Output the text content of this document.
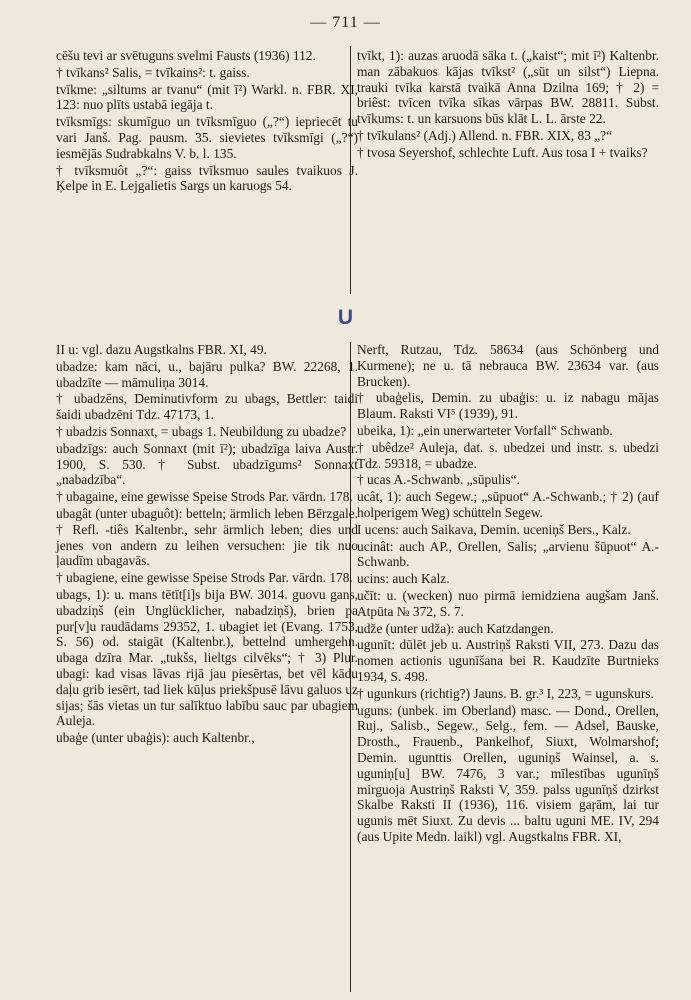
— 711 —

cēšu tevi ar svētuguns svelmi Fausts (1936) 112.

† tvīkans² Salis, = tvīkains²: t. gaiss.

tvīkme: „siltums ar tvanu“ (mit ī²) Warkl. n. FBR. XI, 123: nuo plīts ustabā iegāja t.

tvīksmīgs: skumīguo un tvīksmīguo („?“) iepriecēt tu vari Janš. Pag. pausm. 35. sievietes tvīksmīgi („?“) iesmējās Sudrabkalns V. b. l. 135.

† tvīksmuôt „?“: gaiss tvīksmuo saules tvaikuos J. Ķelpe in E. Lejgalietis Sargs un karuogs 54.

tvīkt, 1): auzas aruodā sāka t. („kaist“; mit ī²) Kaltenbr. man zābakuos kājas tvīkst² („sūt un silst“) Liepna. trauki tvīka karstā tvaikā Anna Dzilna 169; † 2) = briêst: tvīcen tvīka sīkas vārpas BW. 28811. Subst. tvīkums: t. un karsuons būs klāt L. L. ārste 22.

† tvīkulans² (Adj.) Allend. n. FBR. XIX, 83 „?“

† tvosa Seyershof, schlechte Luft. Aus tosa I + tvaiks?

U

II u: vgl. dazu Augstkalns FBR. XI, 49.

ubadze: kam nāci, u., bajāru pulka? BW. 22268, 1. ubadzīte — māmuliņa 3014.

† ubadzēns, Deminutivform zu ubags, Bettler: taidi šaidi ubadzēni Tdz. 47173, 1.

† ubadzis Sonnaxt, = ubags 1. Neubildung zu ubadze?

ubadzīgs: auch Sonnaxt (mit ī²); ubadzīga laiva Austr. 1900, S. 530. † Subst. ubadzīgums² Sonnaxt „nabadzība“.

† ubagaine, eine gewisse Speise Strods Par. vārdn. 178.

ubagât (unter ubaguôt): betteln; ärmlich leben Bērzgale. † Refl. -tiês Kaltenbr., sehr ärmlich leben; dies und jenes von andern zu leihen versuchen: jie tik nuo ļaudīm ubagavās.

† ubagiene, eine gewisse Speise Strods Par. vārdn. 178.

ubags, 1): u. mans tētīt[i]s bija BW. 3014. guovu gans, ubadziņš (ein Unglücklicher, nabadziņš), brien pa pur[v]u raudādams 29352, 1. ubagiet iet (Evang. 1753, S. 56) od. staigāt (Kaltenbr.), bettelnd umhergehn. ubaga dzīra Mar. „tukšs, lieltgs cilvēks“; † 3) Plur. ubagi: kad visas lāvas rijā jau piesērtas, bet vēl kādu daļu grib iesērt, tad liek kūļus priekšpusē lāvu galuos uz sijas; šās vietas un tur salīktuo labību sauc par ubagiem Auleja.

ubaģe (unter ubaģis): auch Kaltenbr.,

Nerft, Rutzau, Tdz. 58634 (aus Schönberg und Kurmene); ne u. tā nebrauca BW. 23634 var. (aus Brucken).

† ubaģelis, Demin. zu ubaģis: u. iz nabagu mājas Blaum. Raksti VI⁵ (1939), 91.

ubeika, 1): „ein unerwarteter Vorfall“ Schwanb.

† ubêdze² Auleja, dat. s. ubedzei und instr. s. ubedzi Tdz. 59318, = ubadze.

† ucas A.-Schwanb. „sūpulis“.

ucât, 1): auch Segew.; „sūpuot“ A.-Schwanb.; † 2) (auf holperigem Weg) schütteln Segew.

I ucens: auch Saikava, Demin. uceniņš Bers., Kalz.

ucinât: auch AP., Orellen, Salis; „arvienu šūpuot“ A.-Schwanb.

ucins: auch Kalz.

učīt: u. (wecken) nuo pirmā iemidziena augšam Janš. Atpūta № 372, S. 7.

udže (unter udža): auch Katzdangen.

ugunīt: dūlēt jeb u. Austriņš Raksti VII, 273. Dazu das nomen actionis ugunīšana bei R. Kaudzīte Burtnieks 1934, S. 498.

† ugunkurs (richtig?) Jauns. B. gr.³ I, 223, = ugunskurs.

uguns: (unbek. im Oberland) masc. — Dond., Orellen, Ruj., Salisb., Segew., Selg., fem. — Adsel, Bauske, Drosth., Frauenb., Pankelhof, Siuxt, Wolmarshof; Demin. ugunttis Orellen, uguniņš Wainsel, a. s. uguniņ[u] BW. 7476, 3 var.; mīlestības ugunīņš mirguoja Austriņš Raksti V, 359. palss ugunīņš dzirkst Skalbe Raksti II (1936), 116. visiem gaŗām, lai tur ugunis mēt Siuxt. Zu devis ... baltu uguni ME. IV, 294 (aus Upite Medn. laikl) vgl. Augstkalns FBR. XI,
